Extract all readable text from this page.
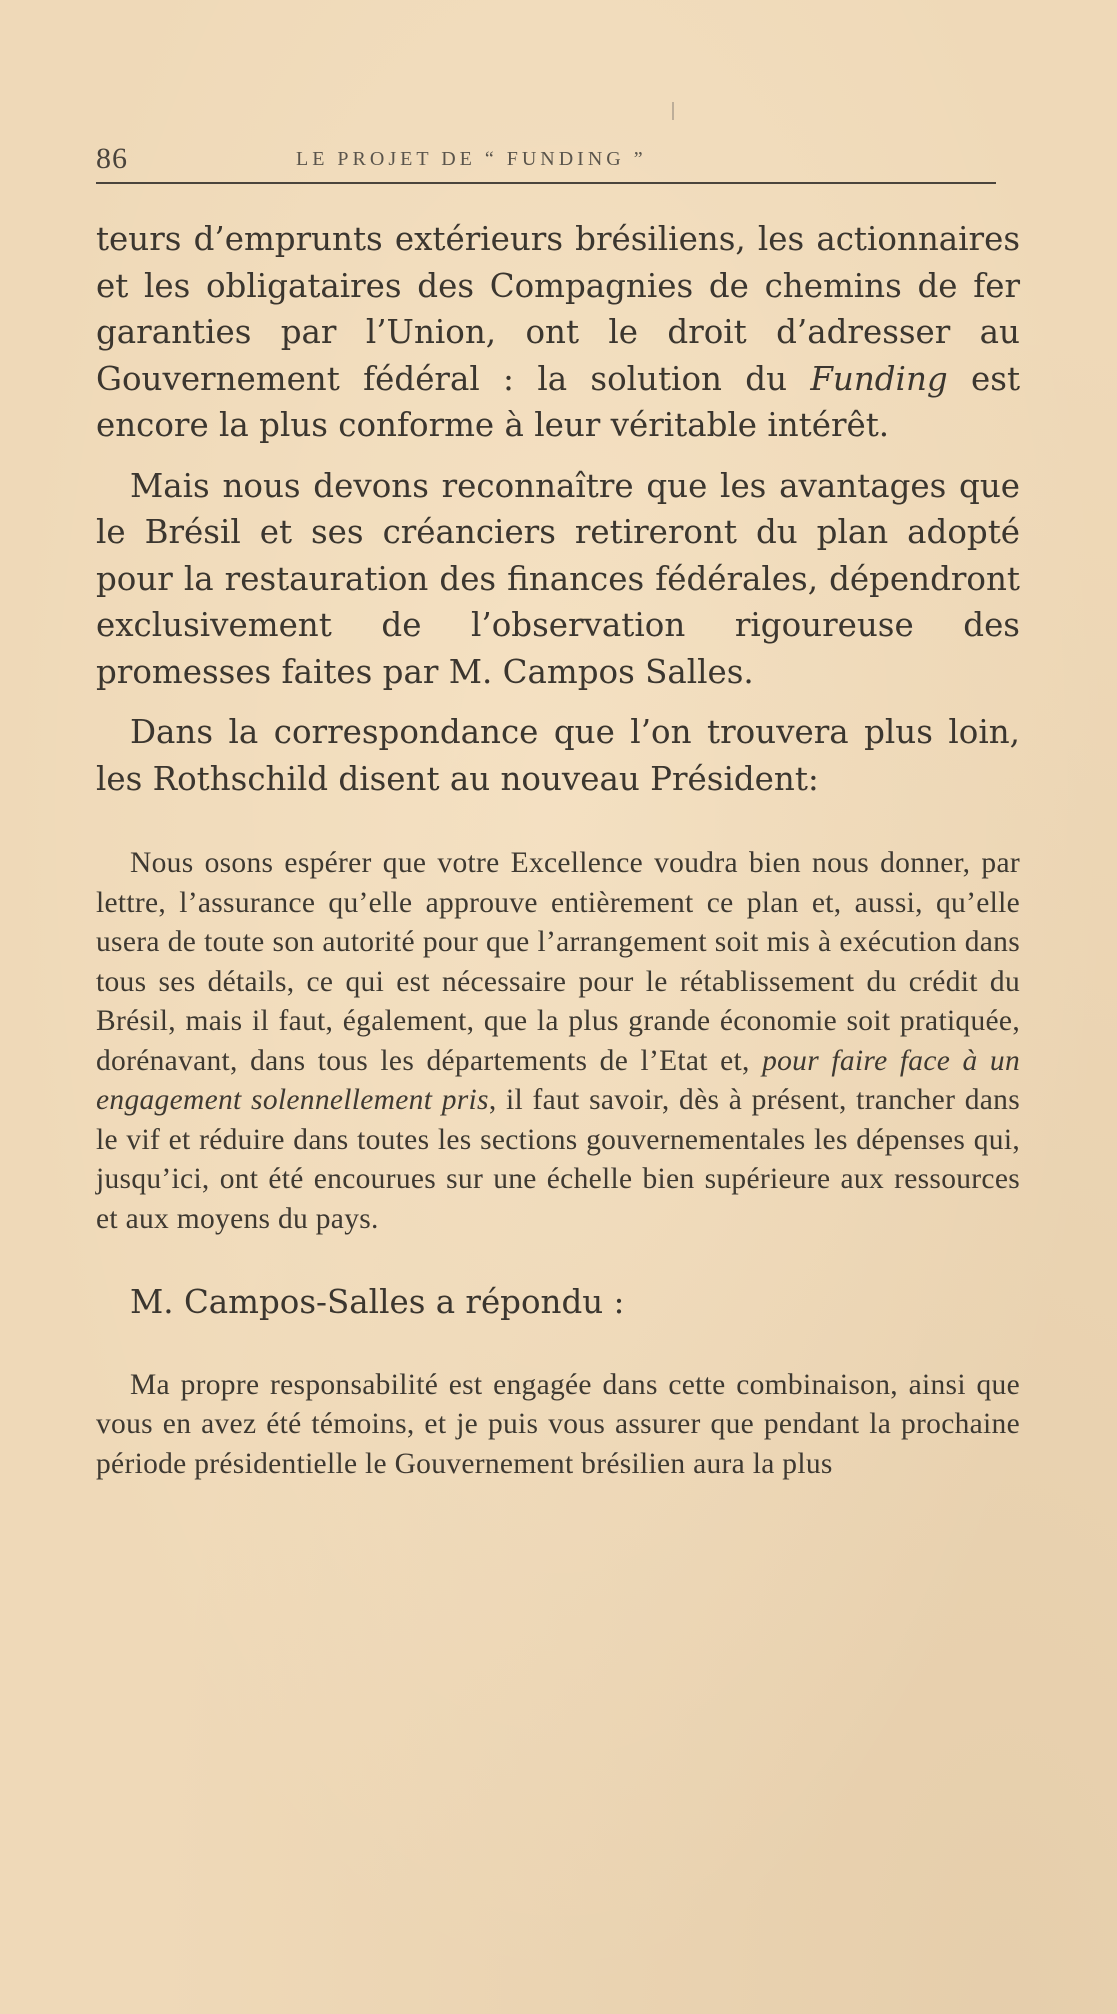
86	LE PROJET DE “ FUNDING ”

teurs d’emprunts extérieurs brésiliens, les actionnaires et les obligataires des Compagnies de chemins de fer garanties par l’Union, ont le droit d’adresser au Gouvernement fédéral : la solution du Funding est encore la plus conforme à leur véritable intérêt.

Mais nous devons reconnaître que les avantages que le Brésil et ses créanciers retireront du plan adopté pour la restauration des finances fédérales, dépendront exclusivement de l’observation rigoureuse des promesses faites par M. Campos Salles.

Dans la correspondance que l’on trouvera plus loin, les Rothschild disent au nouveau Président:

Nous osons espérer que votre Excellence voudra bien nous donner, par lettre, l’assurance qu’elle approuve entièrement ce plan et, aussi, qu’elle usera de toute son autorité pour que l’arrangement soit mis à exécution dans tous ses détails, ce qui est nécessaire pour le rétablissement du crédit du Brésil, mais il faut, également, que la plus grande économie soit pratiquée, dorénavant, dans tous les départements de l’Etat et, pour faire face à un engagement solennellement pris, il faut savoir, dès à présent, trancher dans le vif et réduire dans toutes les sections gouvernementales les dépenses qui, jusqu’ici, ont été encourues sur une échelle bien supérieure aux ressources et aux moyens du pays.

M. Campos-Salles a répondu :

Ma propre responsabilité est engagée dans cette combinaison, ainsi que vous en avez été témoins, et je puis vous assurer que pendant la prochaine période présidentielle le Gouvernement brésilien aura la plus
